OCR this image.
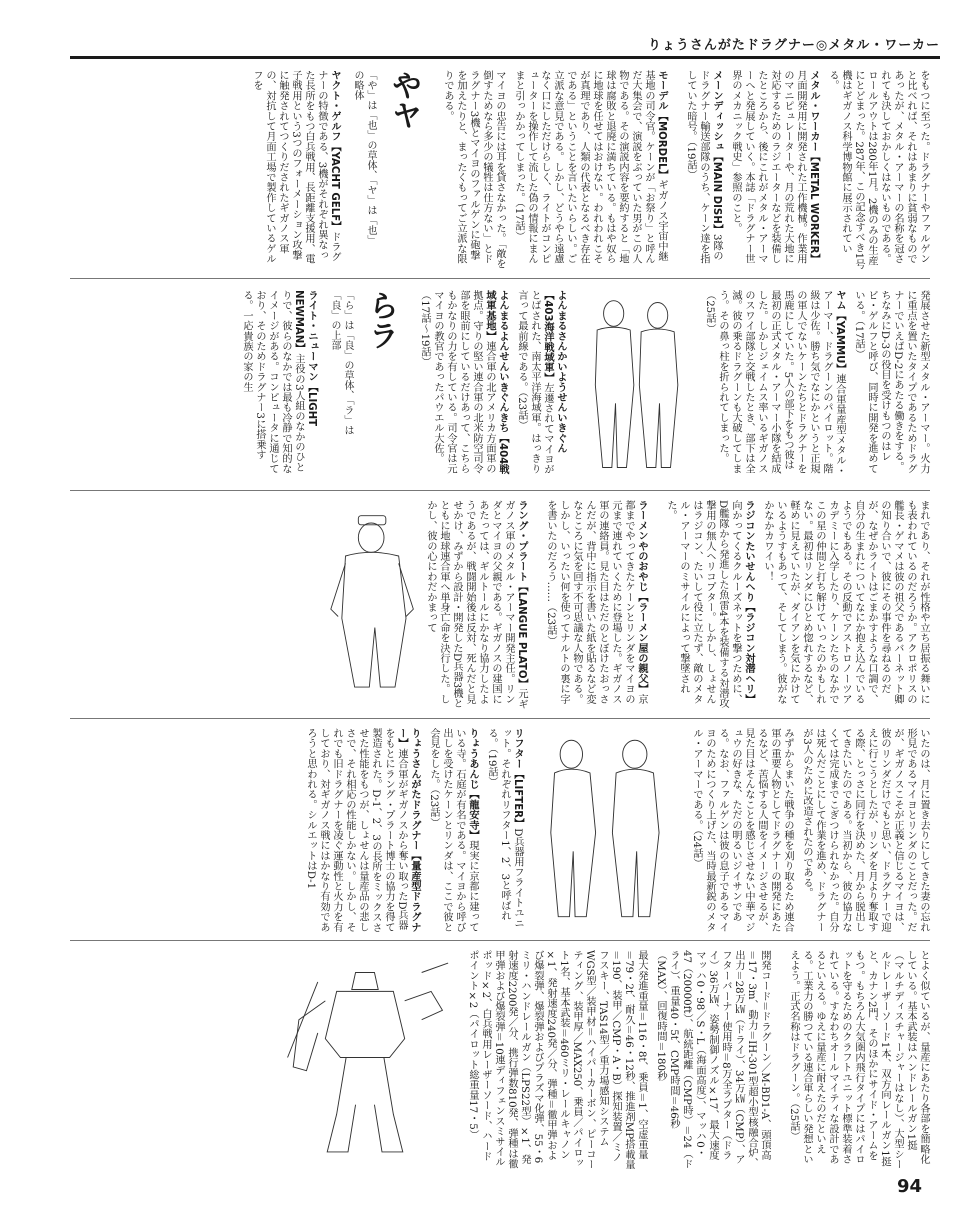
りょうさんがたドラグナー◎メタル・ワーカー

をもつに至った。ドラグナーやファルゲンと比べれば、それはあまりに貧弱なものであったが、メタル・アーマーの名称を冠されても決しておかしくはないものである。ロールアウトは280年1月。2機のみの生産にとどまった。287年、この記念すべき1号機はギガノス科学博物館に展示されている。

メタル・ワーカー【METAL WORKER】月面開発用に開発された工作機械。作業用のマニピュレーターや、月の荒れた大地に対応するためのラジエーターなどを装備したところから、後にこれがメタル・アーマーへと発展していく。本誌「ドラグナー世界のメカニック戦史」参照のこと。

メーンディッシュ【MAIN DISH】3隊のドラグナー輸送部隊のうち、ケーン達を指していた暗号。（19話）

モーデル【MORDEL】ギガノス宇宙中継基地の司令官。ケーンが「お祭り」と呼んだ大集会で、演説をぶっていた男がこの人物である。その演説内容を要約すると「地球は腐敗と退廃に満ちている。もはや奴らに地球を任せてはおけない。われわれこそが真理であり、人類の代表となるべき存在である」ということを言いたいらしい。ご立派な意見である。しかし、どうやら遠慮なく口にしただけらしく、ライトがコンピューターを操作して流した偽の情報にまんまと引っかかってしまった。（17話）

マイヨの忠告には耳を貸さなかった。「敵を倒すためなら多少の犠牲は仕方ない」とドラグナー3機とマイヨのファルゲンに砲撃を加えたりと、まったくもってご立派な限りである。

やヤ
「や」は「也」の草体、「ヤ」は「也」の略体

ヤクト・ゲルフ【YACHT GELF】ドラグナーの特徴である、3機がそれぞれ異なった長所をもつ白兵戦用、長距離支援用、電子戦用という3つのフォーメーション攻撃に触発されてつくりだされたギガノス軍の、対抗して月面工場で製作しているゲルフを

発展させた新型メタル・アーマー。火力に重点を置いたタイプであるためドラグナーでいえばD-2にあたる働きをする。ちなみにD-3の役目を受けもつのはレビ・ゲルフと呼び、同時に開発を進めている。（17話）

ヤム【YAMMU】連合軍量産型メタル・アーマー、ドラグーンのパイロット。階級は少佐。勝ち気でなにかというと正規の軍人でないケーンたちとドラグナーを馬鹿にしていた。5人の部下をもつ彼は最初の正式メタル・アーマー小隊を結成した。しかしジェイムス率いるギガノスのスワイ部隊と交戦したとき、部下は全滅。彼の乗るドラグーンも大破してしまう。その鼻っ柱を折られてしまった。（25話）

よんまるさんかいようせんいきぐん【403海洋戦域軍】左遷されてマイヨがとばされた、南太平洋海域軍。はっきり言って最前線である。（23話）

よんまるよんせんいきぐんきち【404戦域軍基地】連合軍の北アメリカ方面軍の拠点。守りの堅い連合軍の北米防空司令部を眼前にしているだけあって、こちらもかなりの力を有している。司令官は元マイヨの教官であったパウエル大佐。（17話〜19話）

らラ
「ら」は「良」の草体、「ラ」は「良」の上部

ライト・ニューマン【LIGHT NEWMAN】主役の3人組のなかのひとりで、彼らのなかでは最も冷静で知的なイメージがある。コンピュータに通じており、そのためドラグナー3に搭乗する。一応貴族の家の生

まれであり、それが性格や立ち居振る舞いにも表われているのだろうか。アクロポリスの艦長・ゲマメは彼の祖父であるバーネット卿の知り合いで、彼にその事件を尋ねるのだが、なぜかライトはごまかすような口調で、自分の生まれについてなにか抱え込んでいるようでもある。その反動でアストロノーツアカデミーに入学したり、ケーンたちのなかでこの星の仲間と打ち解けていったのかもしれない。最初はリンダにひとめ惚れするなど、軽めに見えていたが、ダイアンを気にかけているようすもあって、そしてしまう。彼がなかなかカワイい！

ラジコンたいせんへり【ラジコン対潜ヘリ】向かってくるクルーズネットを撃つために、D艦隊から発進した魚雷4本を装備する対潜攻撃用の無人ヘリコプター。しかし、しょせんはラジコン、たいして役に立たず、敵のメタル・アーマーのミサイルによって撃墜された。

ラーメンやのおやじ【ラーメン屋の親父】京都までやってきたケーンとリンダをマイヨの元まで連れていくために登場した。ギガノス軍の連絡員。見た目はただのとぼけたおっさんだが、背中に指示を書いた紙を貼るなど変なところに気を回す不可思議な人物である。しかし、いったい何を使ってナルトの裏に字を書いたのだろう……（23話）

ラング・プラート【LANGUE PLATO】元ギガノス軍のメタル・アーマー開発主任。リンダとマイヨの父親である。ギガノスの建国にあたっては、ギルトールにかなり協力したようであるが、戦闘開始後は反対、死んだと見せかけ、みずから設計・開発したD兵器3機とともに地球連合軍へ単身亡命を決行した。しかし、彼の心にわだかまって

いたのは、月に置き去りにしてきた妻の忘れ形見であるマイヨとリンダのことだった。だが、ギガノスこそが正義と信じるマイヨは、彼のリンダだけでもと思い、ドラグナーで迎えに行こうとしたが、リンダを月より奪取する際、とっさに同行を決めた、月から脱出してきたいたのである。当初から、彼の協力なくては完成までこぎつけられなかった。自分は死んだことにして作業を進め、ドラグナーが3人のために改造されたのである。

みずからまいた戦争の種を刈り取るため連合軍の重要人物としてドラグナーの開発にあたるなど、苦悩する人間をイメージさせるが、見た目はそんなことを感じさせない中華マジュウの好きな、ただの明るいジイサンである。なお、ファルゲンは彼の息子であるマイヨのためにつくり上げた、当時最新鋭のメタル・アーマーである。（24話）

リフター【LIFTER】D兵器用フライトユニット。それぞれリフター1、2、3と呼ばれる。（19話）

りょうあんじ【龍安寺】現実に京都に建っている寺。石庭が有名である。マイヨから呼び出しを受けたケーンとリンダは、ここで彼と会見をした。（23話）

りょうさんがたドラグナー【量産型ドラグナー】連合軍がギガノスから奪い取ったD兵器をもとにラング・プラート博士の協力を得て製造された。D-1、2、3の長所をミックスさせた性能をもつが、しょせんは量産品の悲しさで、それ相応の性能しかない。しかし、それでも旧ドラグナーを凌ぐ運動性と火力を有しており、対ギガノス戦にはかなり有効であろうと思われる。シルエットはD-1

とよく似ているが、量産にあたり各部を簡略化している。基本武装はハンドレールガン1挺（マルチディスチャージャーはなし）、大型シールドレーザーソード1本、双方向レールガン1挺と、カナン2門、そのほかにサイド・アームをもつ。もちろん大気圏内飛行タイプにはパイロットを守るためのクラフトユニット標準装着されている。すなわちオールマイティな設計であるといえる。ゆえに量産に耐えたのだといえる。工業力の勝つている連合軍らしい発想といえよう。正式名称はドラグーン。（25話）

開発コード＝ドラグーン／M-BD1-A、頭頂高＝17・3m、動力＝IH-301型超小型核融合炉、出力＝28万㎾（ドライ）、34万㎾（CMP）、アフターバーナー使用時＝8万全ラプター（ドライ）36万㎾、姿勢制御ノズル×17、最大速度マッハ0・98／S・L（海面高度）、マッハ0・47（20000ft）、航続距離（CMP時）＝24（ドライ）、重量40・5t、CMP時間＝46秒（MAX）、回復時間＝180秒

最大発進重量＝116・8t、乗員＝1、空虚重量＝79・2t、耐久＝46・12秒、推進剤MP搭載量＝190、装甲／CMP・A・B）探知装置／ミノフスキー、TAS14型／重力場感知システムWGS型／装甲材＝ハイパーカーボン、ピーコーティング、装甲厚／MAX250、乗員／パイロット1名、基本武装＝460ミリ・レールキャノン×1、発射速度240発／分、弾種＝徹甲弾および爆裂弾、爆裂弾およびプラズマ化弾、55・6ミリ・ハンドレールガン（LPS22型）×1、発射速度2200発／分、携行弾数810発、弾種は徹甲弾および爆裂弾＝10連ディフェンスミサイルポッド×2、白兵戦用レーザーソード、ハードポイント×2（パイロット総重量17・5）

94
